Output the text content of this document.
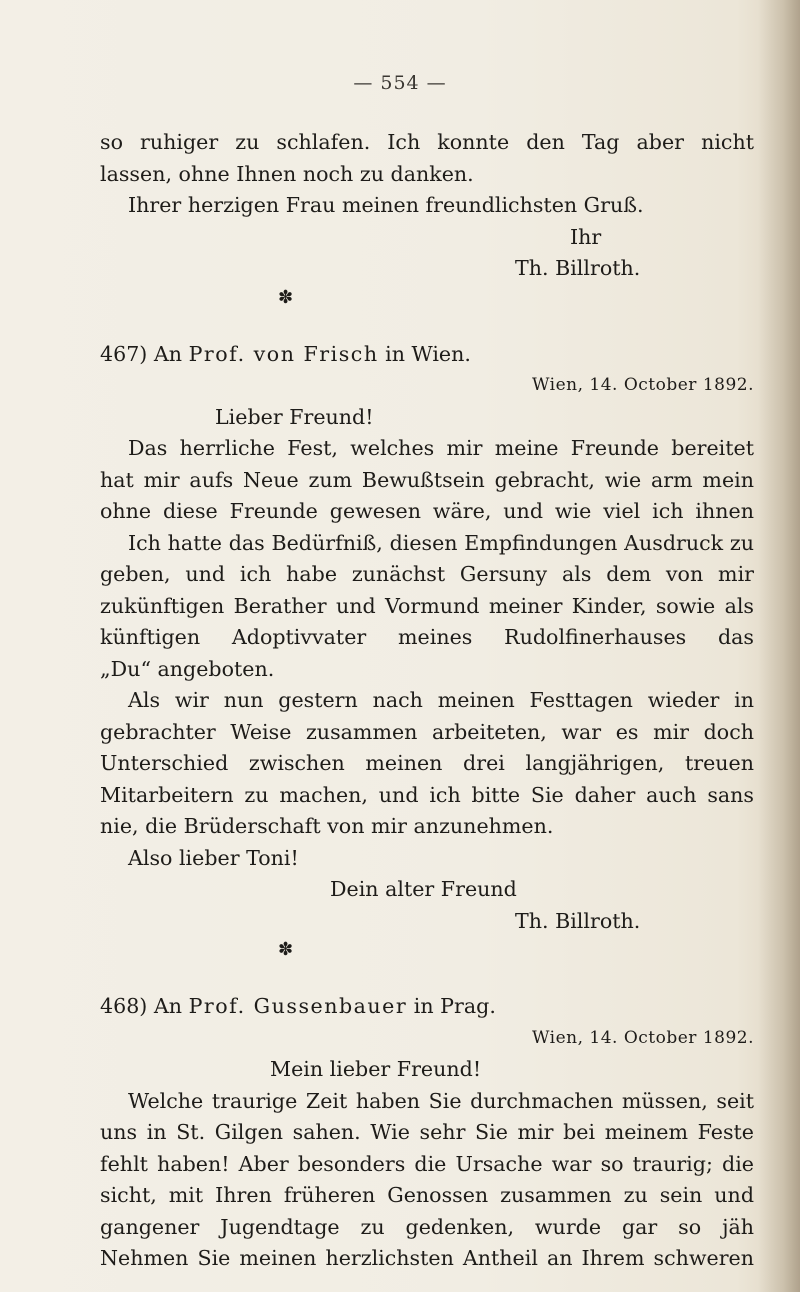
— 554 —
so ruhiger zu schlafen. Ich konnte den Tag aber nicht
lassen, ohne Ihnen noch zu danken.
Ihrer herzigen Frau meinen freundlichsten Gruß.
Ihr
Th. Billroth.
✽
467) An Prof. von Frisch in Wien.
Wien, 14. October 1892.
Lieber Freund!
Das herrliche Fest, welches mir meine Freunde bereitet
hat mir aufs Neue zum Bewußtsein gebracht, wie arm mein
ohne diese Freunde gewesen wäre, und wie viel ich ihnen
Ich hatte das Bedürfniß, diesen Empfindungen Ausdruck zu
geben, und ich habe zunächst Gersuny als dem von mir
zukünftigen Berather und Vormund meiner Kinder, sowie als
künftigen Adoptivvater meines Rudolfinerhauses das
„Du“ angeboten.
Als wir nun gestern nach meinen Festtagen wieder in
gebrachter Weise zusammen arbeiteten, war es mir doch
Unterschied zwischen meinen drei langjährigen, treuen
Mitarbeitern zu machen, und ich bitte Sie daher auch sans
nie, die Brüderschaft von mir anzunehmen.
Also lieber Toni!
Dein alter Freund
Th. Billroth.
✽
468) An Prof. Gussenbauer in Prag.
Wien, 14. October 1892.
Mein lieber Freund!
Welche traurige Zeit haben Sie durchmachen müssen, seit
uns in St. Gilgen sahen. Wie sehr Sie mir bei meinem Feste
fehlt haben! Aber besonders die Ursache war so traurig; die
sicht, mit Ihren früheren Genossen zusammen zu sein und
gangener Jugendtage zu gedenken, wurde gar so jäh
Nehmen Sie meinen herzlichsten Antheil an Ihrem schweren
